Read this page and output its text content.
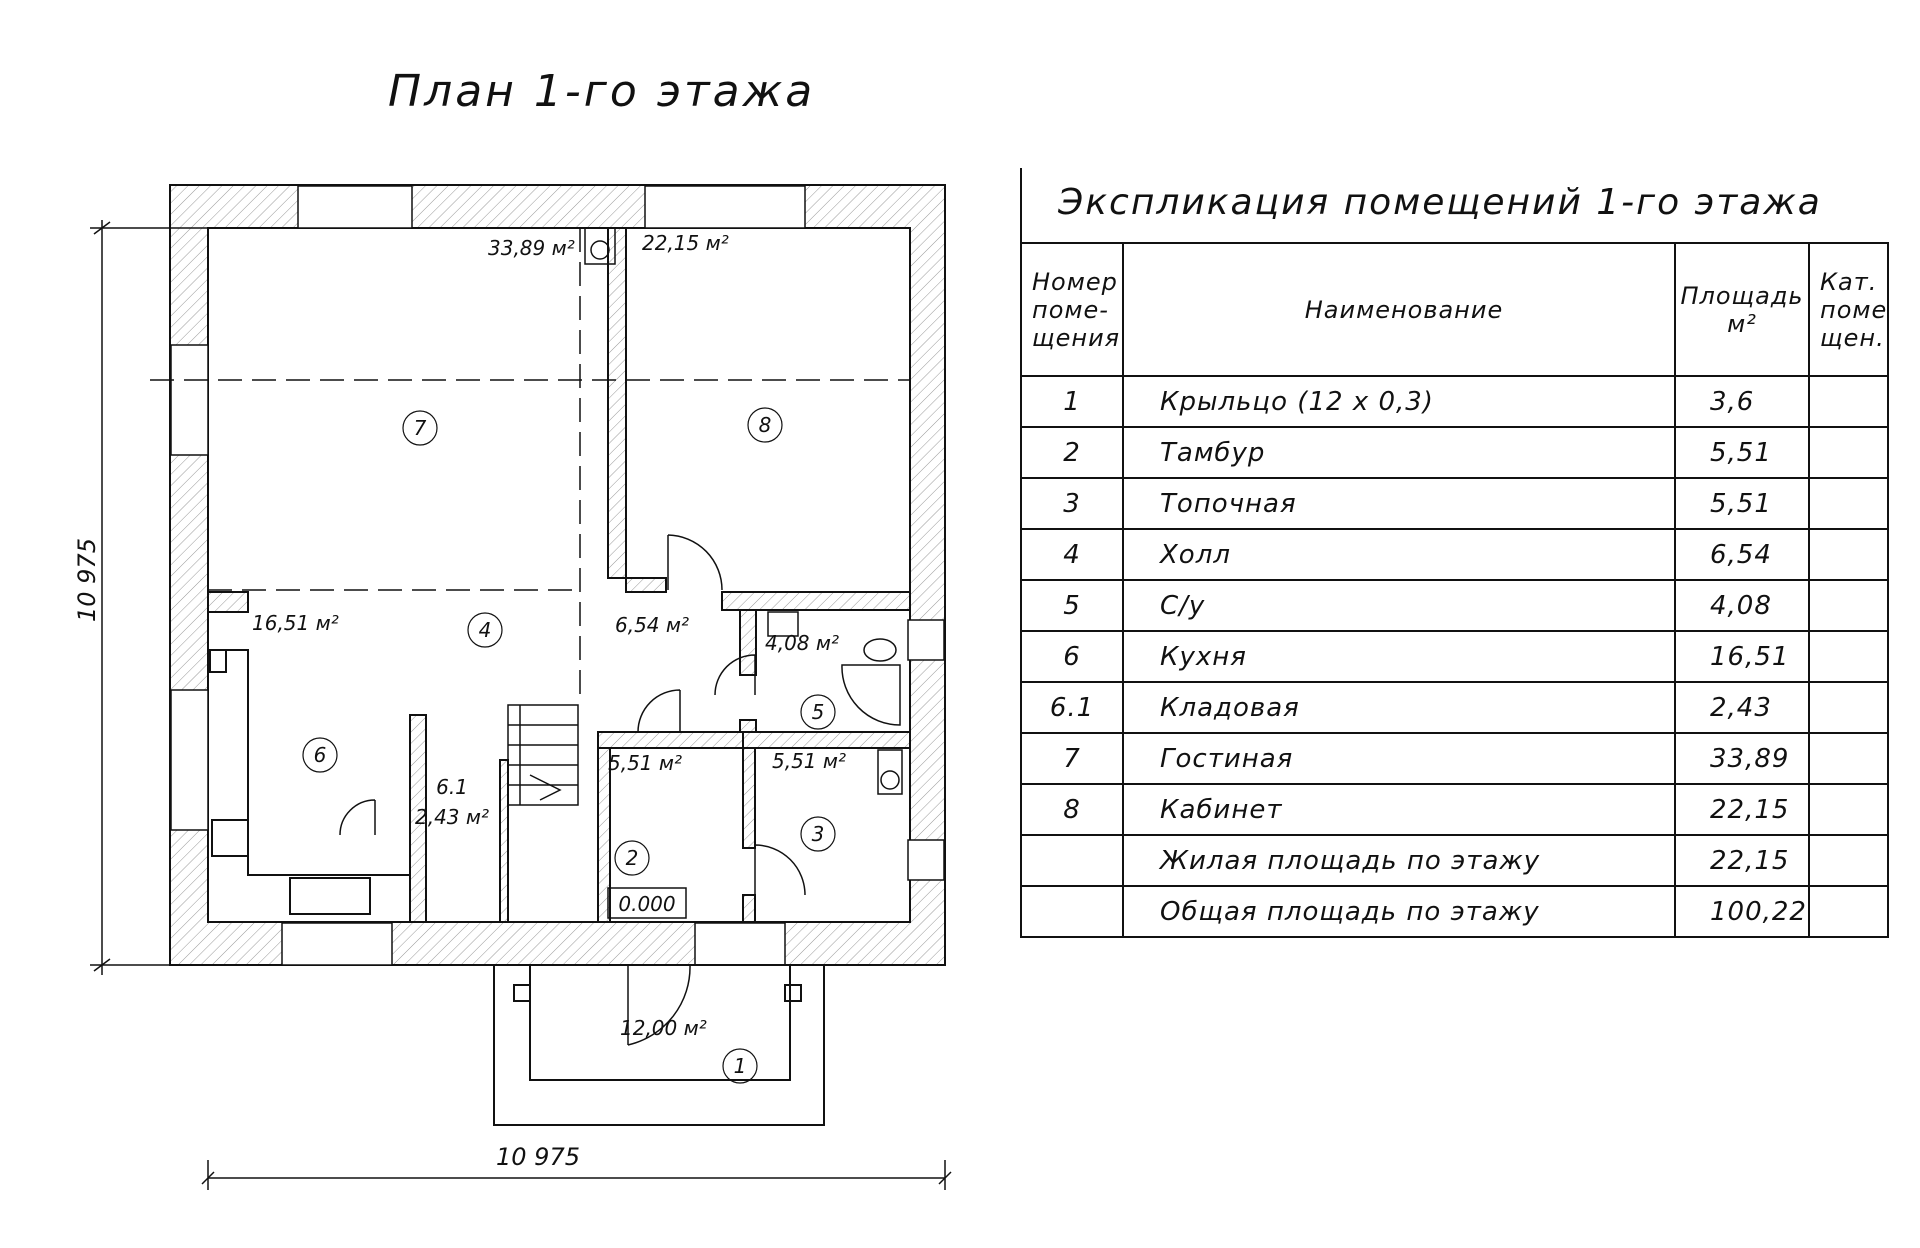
План 1-го этажа
10 975
10 975
33,89 м²	22,15 м²
16,51 м²	6,54 м²
4,08 м²
5,51 м²	5,51 м²
2,43 м²
12,00 м²
7	8
4
6
5
2
3
1
6.1
0.000
Экспликация помещений 1-го этажа
Номер поме- щения	Наименование	Площадь м²	Кат. поме щен.
1	Крыльцо (12 х 0,3)	3,6	
2	Тамбур	5,51	
3	Топочная	5,51	
4	Холл	6,54	
5	С/у	4,08	
6	Кухня	16,51	
6.1	Кладовая	2,43	
7	Гостиная	33,89	
8	Кабинет	22,15	
	Жилая площадь по этажу	22,15	
	Общая площадь по этажу	100,22	
